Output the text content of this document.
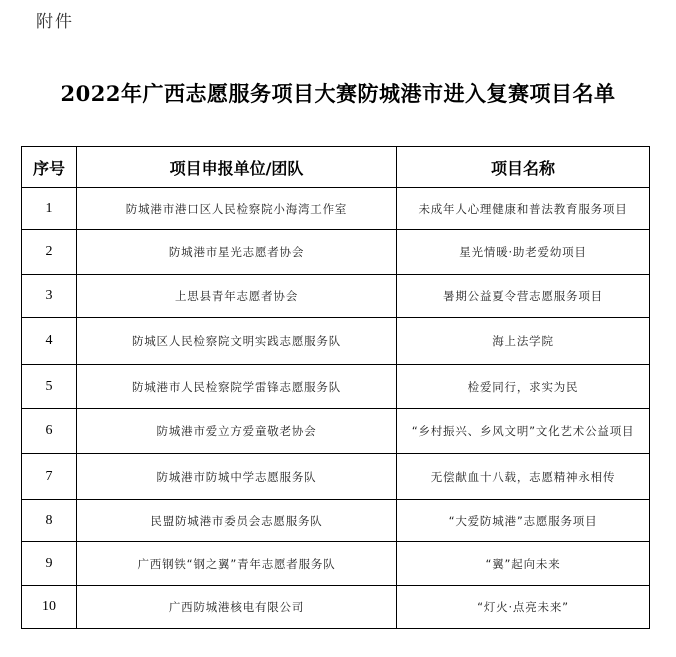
附件
2022年广西志愿服务项目大赛防城港市进入复赛项目名单
序号	项目申报单位/团队	项目名称
1	防城港市港口区人民检察院小海湾工作室	未成年人心理健康和普法教育服务项目
2	防城港市星光志愿者协会	星光情暖·助老爱幼项目
3	上思县青年志愿者协会	暑期公益夏令营志愿服务项目
4	防城区人民检察院文明实践志愿服务队	海上法学院
5	防城港市人民检察院学雷锋志愿服务队	检爱同行，求实为民
6	防城港市爱立方爱童敬老协会	“乡村振兴、乡风文明”文化艺术公益项目
7	防城港市防城中学志愿服务队	无偿献血十八载，志愿精神永相传
8	民盟防城港市委员会志愿服务队	“大爱防城港”志愿服务项目
9	广西钢铁“钢之翼”青年志愿者服务队	“翼”起向未来
10	广西防城港核电有限公司	“灯火·点亮未来”
